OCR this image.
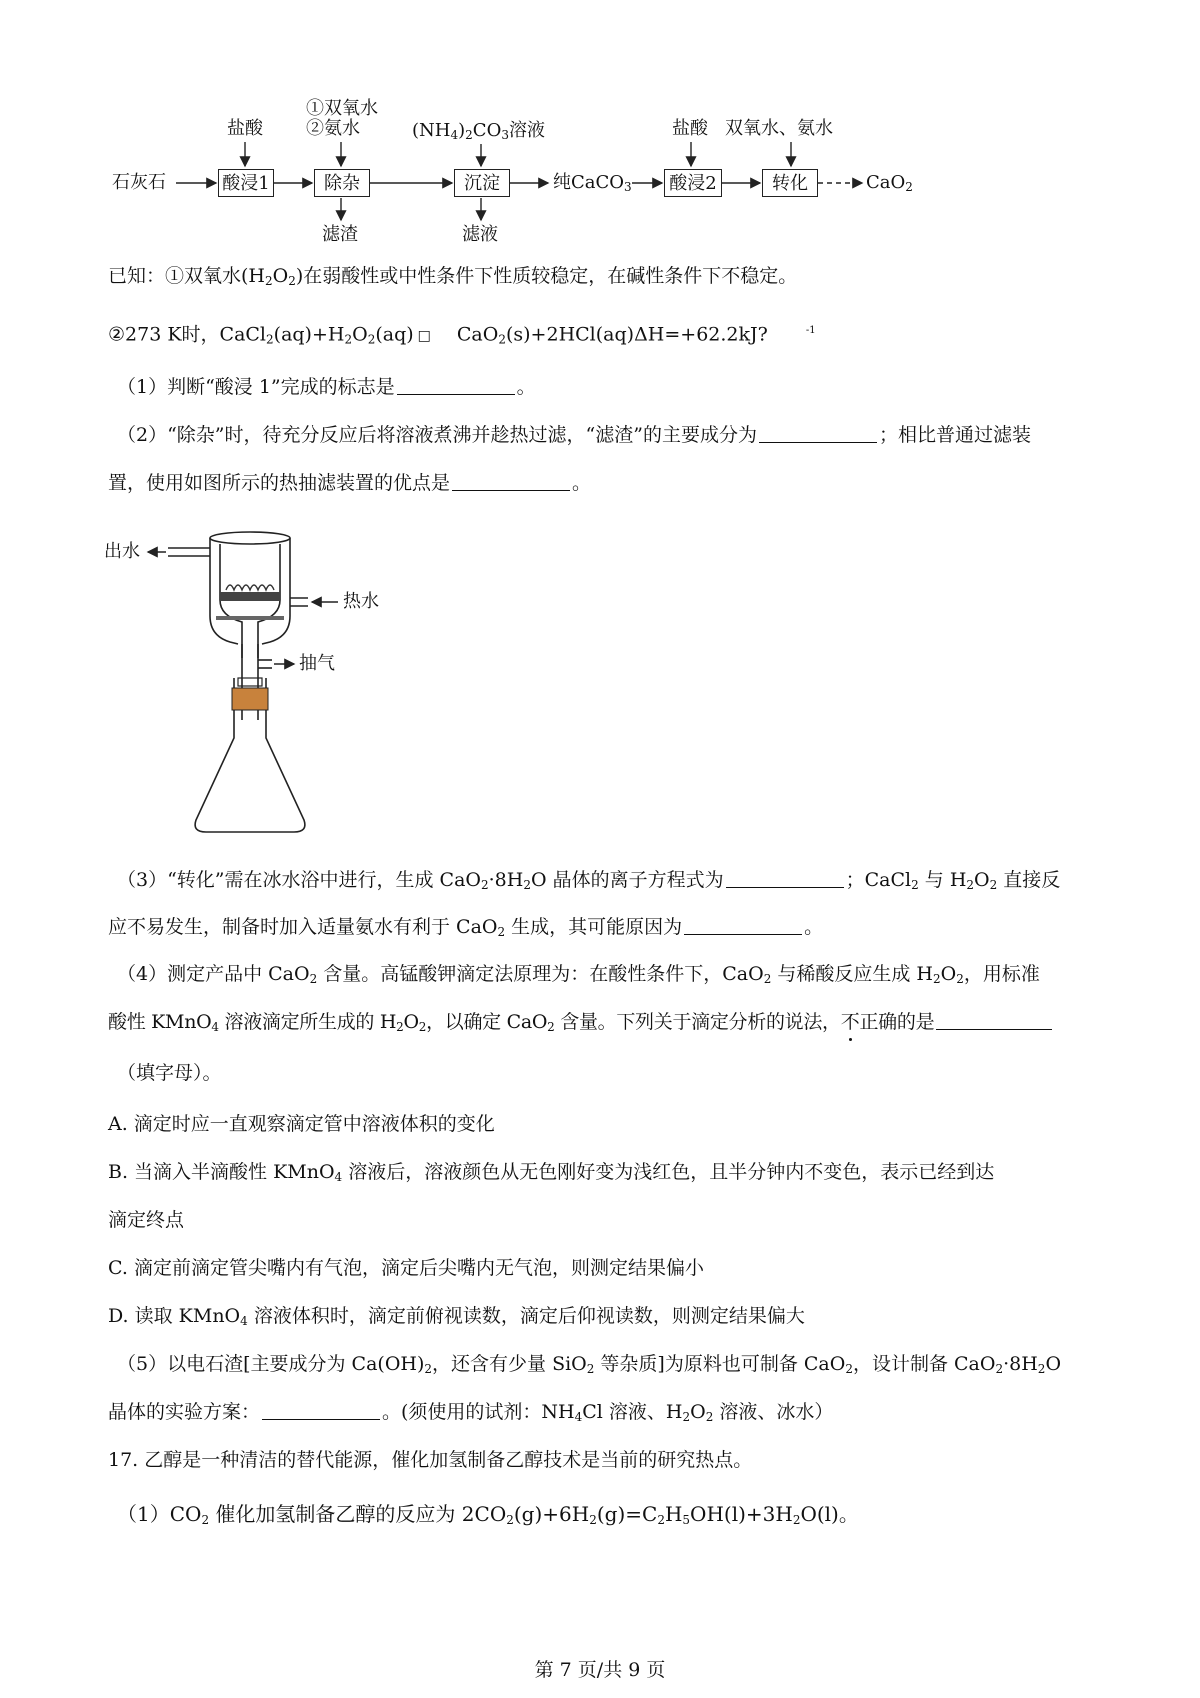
石灰石	酸浸1	除杂	沉淀	纯CaCO$_3$ 酸浸2	转化	CaO$_2$
盐酸
①双氧水
②氨水	$(NH_4)_2CO_3$溶液	盐酸 双氧水、氨水
滤渣	滤液
已知：①双氧水$(H_2O_2)$在弱酸性或中性条件下性质较稳定，在碱性条件下不稳定。
②273 K时，$CaCl_2(aq)+H_2O_2(aq)$ □ CaO$_2$(s)+2HCl(aq)ΔH=+62.2kJ?	$^{-1}$
（1）判断“酸浸 1”完成的标志是	。
（2）“除杂”时，待充分反应后将溶液煮沸并趁热过滤，“滤渣”的主要成分为	；相比普通过滤装
置，使用如图所示的热抽滤装置的优点是	。
出水
热水
抽气
（3）“转化”需在冰水浴中进行，生成 $CaO_2\cdot 8H_2O$ 晶体的离子方程式为	；CaCl$_2$ 与 $H_2O_2$ 直接反
应不易发生，制备时加入适量氨水有利于 CaO$_2$ 生成，其可能原因为	。
（4）测定产品中 CaO$_2$ 含量。高锰酸钾滴定法原理为：在酸性条件下，CaO$_2$ 与稀酸反应生成 $H_2O_2$，用标准
酸性 KMnO$_4$ 溶液滴定所生成的 $H_2O_2$，以确定 CaO$_2$ 含量。下列关于滴定分析的说法，不正确的是
（填字母）。
A. 滴定时应一直观察滴定管中溶液体积的变化
B. 当滴入半滴酸性 KMnO$_4$ 溶液后，溶液颜色从无色刚好变为浅红色，且半分钟内不变色，表示已经到达
滴定终点
C. 滴定前滴定管尖嘴内有气泡，滴定后尖嘴内无气泡，则测定结果偏小
D. 读取 KMnO$_4$ 溶液体积时，滴定前俯视读数，滴定后仰视读数，则测定结果偏大
（5）以电石渣[主要成分为 $Ca(OH)_2$，还含有少量 SiO$_2$ 等杂质]为原料也可制备 CaO$_2$，设计制备 $CaO_2\cdot 8H_2O$
晶体的实验方案：	。(须使用的试剂：$NH_4Cl$ 溶液、$H_2O_2$ 溶液、冰水）
17. 乙醇是一种清洁的替代能源，催化加氢制备乙醇技术是当前的研究热点。
$(1)CO_2$ 催化加氢制备乙醇的反应为 $2CO_2(g)+6H_2(g)=C_2H_5OH(l)+3H_2O(l)$。
第 7 页/共 9 页
